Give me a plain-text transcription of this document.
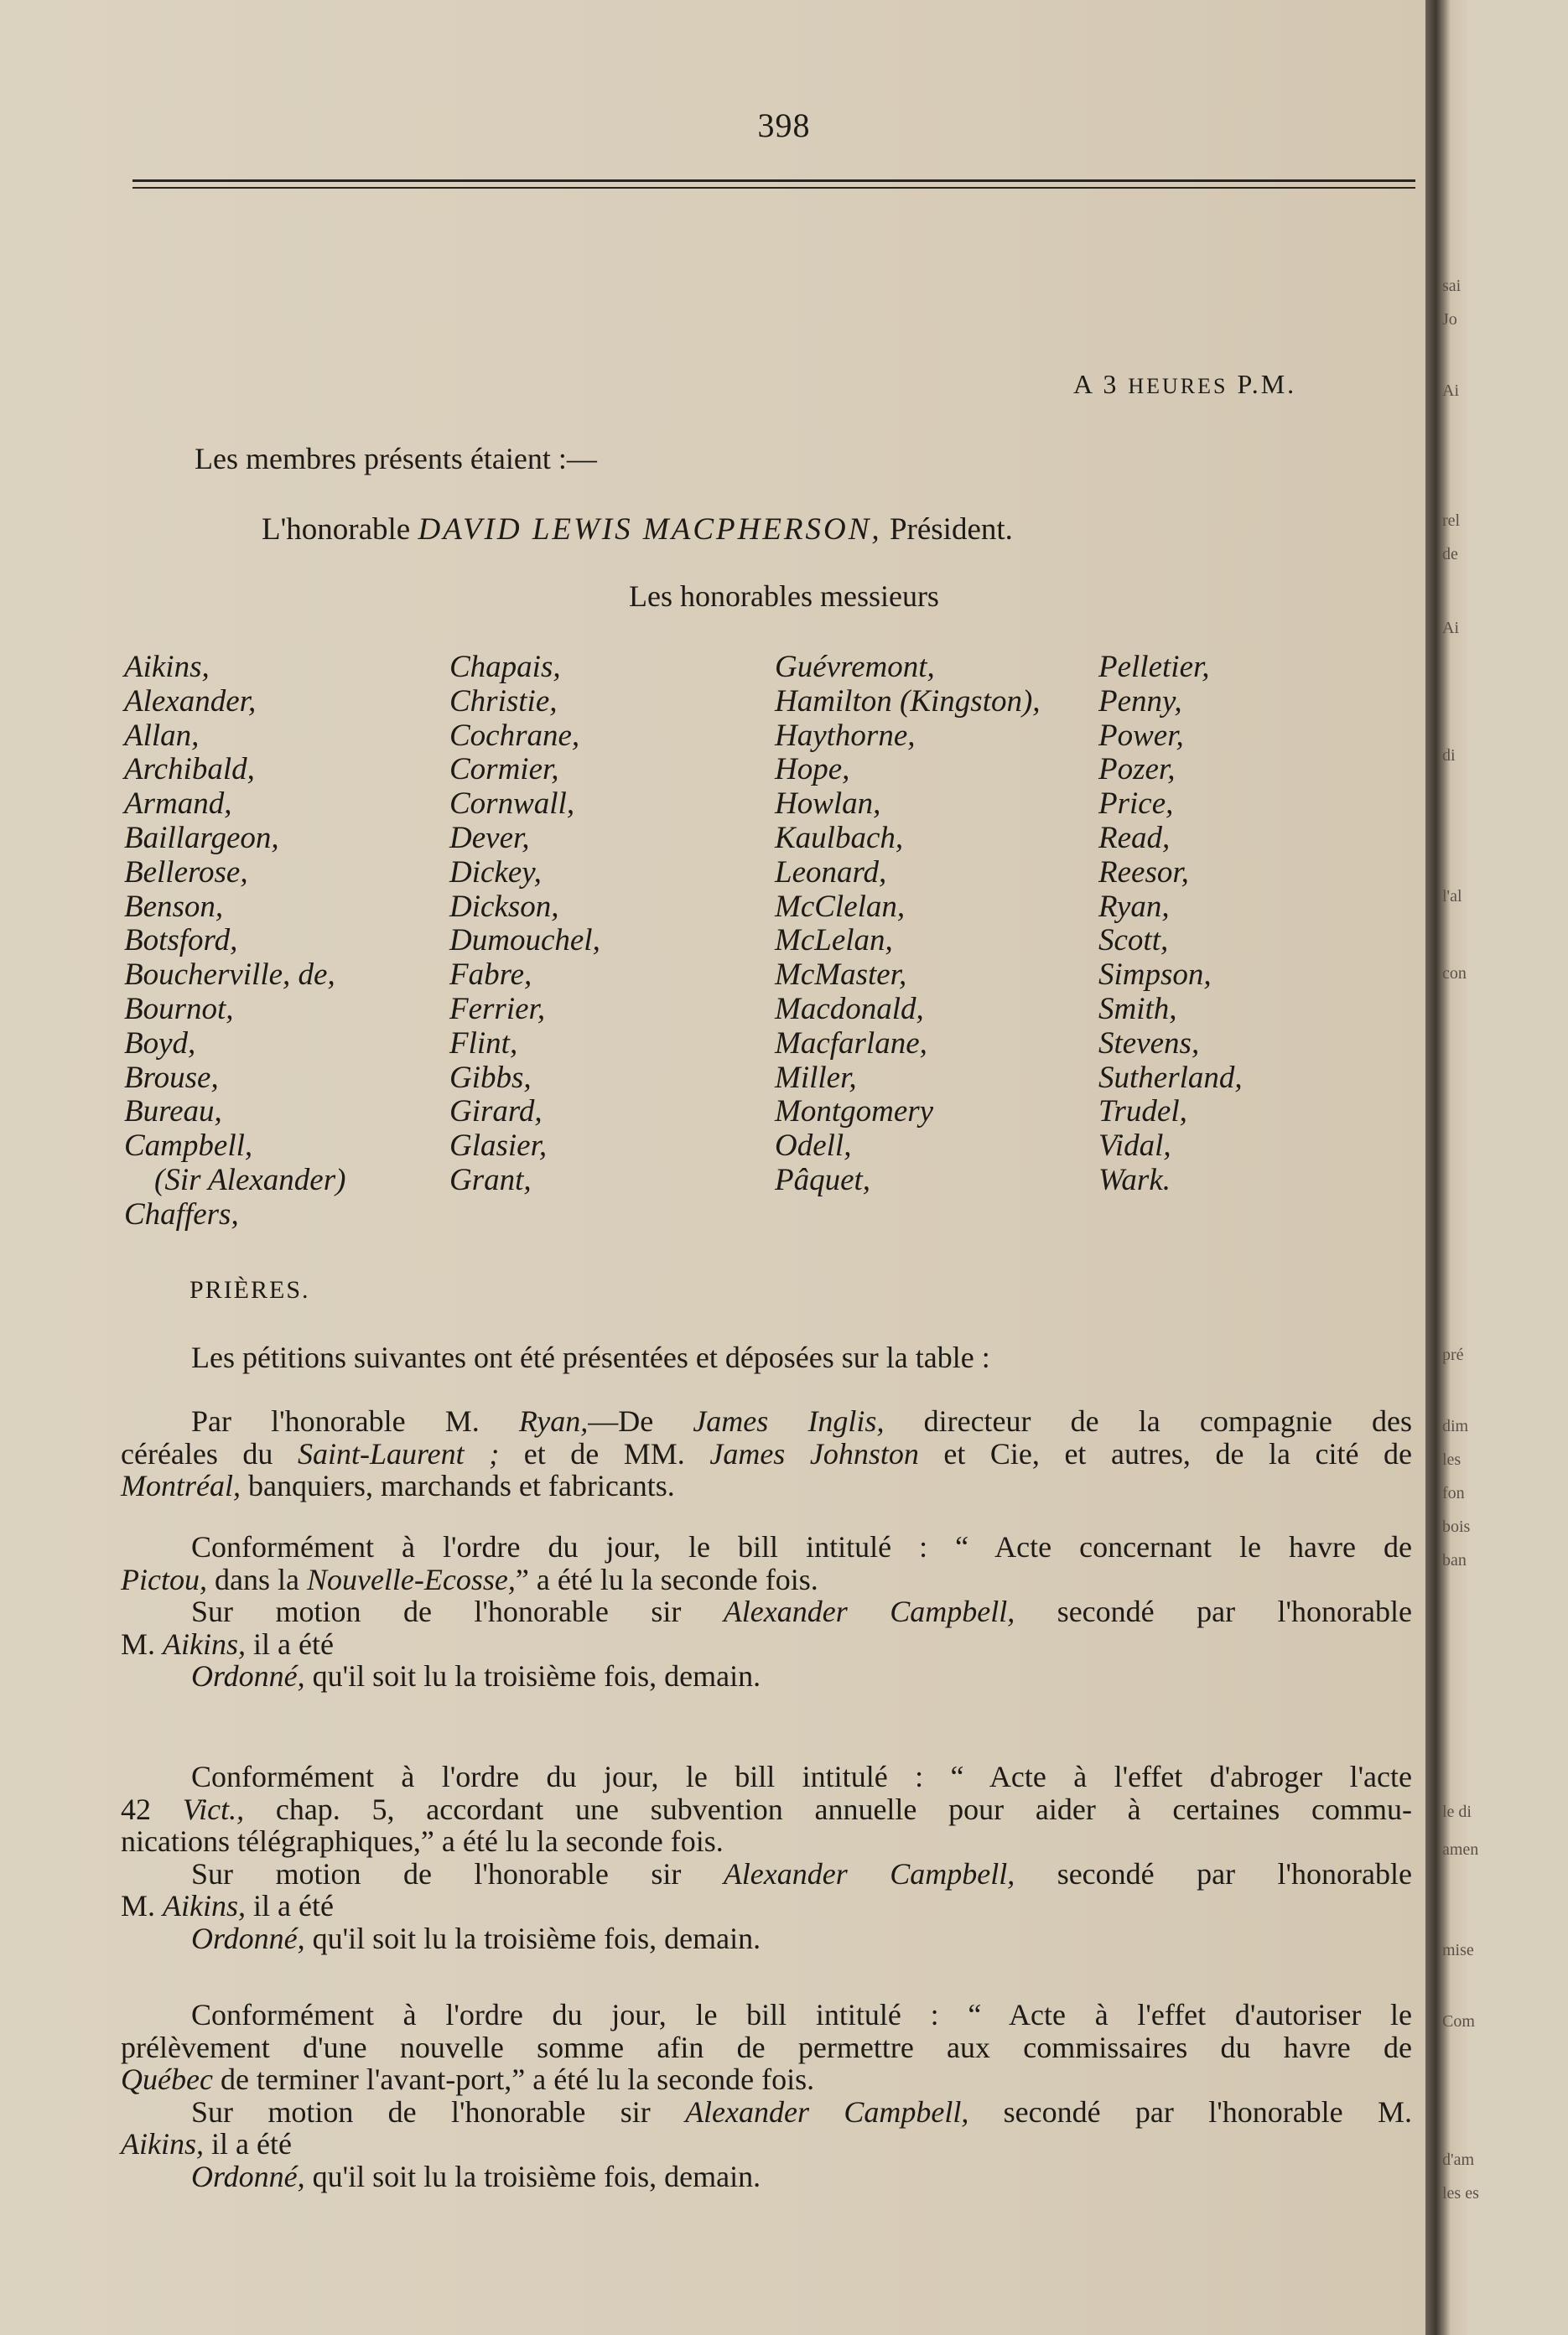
398
A 3 HEURES P.M.
Les membres présents étaient :—
L'honorable DAVID LEWIS MACPHERSON, Président.
Les honorables messieurs
Aikins,
Alexander,
Allan,
Archibald,
Armand,
Baillargeon,
Bellerose,
Benson,
Botsford,
Boucherville, de,
Bournot,
Boyd,
Brouse,
Bureau,
Campbell,
(Sir Alexander)
Chaffers,
Chapais,
Christie,
Cochrane,
Cormier,
Cornwall,
Dever,
Dickey,
Dickson,
Dumouchel,
Fabre,
Ferrier,
Flint,
Gibbs,
Girard,
Glasier,
Grant,
Guévremont,
Hamilton (Kingston),
Haythorne,
Hope,
Howlan,
Kaulbach,
Leonard,
McClelan,
McLelan,
McMaster,
Macdonald,
Macfarlane,
Miller,
Montgomery
Odell,
Pâquet,
Pelletier,
Penny,
Power,
Pozer,
Price,
Read,
Reesor,
Ryan,
Scott,
Simpson,
Smith,
Stevens,
Sutherland,
Trudel,
Vidal,
Wark.
PRIÈRES.
Les pétitions suivantes ont été présentées et déposées sur la table :
Par l'honorable M. Ryan,—De James Inglis, directeur de la compagnie des
céréales du Saint-Laurent ; et de MM. James Johnston et Cie, et autres, de la cité de
Montréal, banquiers, marchands et fabricants.
Conformément à l'ordre du jour, le bill intitulé : “ Acte concernant le havre de
Pictou, dans la Nouvelle-Ecosse,” a été lu la seconde fois.
Sur motion de l'honorable sir Alexander Campbell, secondé par l'honorable
M. Aikins, il a été
Ordonné, qu'il soit lu la troisième fois, demain.
Conformément à l'ordre du jour, le bill intitulé : “ Acte à l'effet d'abroger l'acte
42 Vict., chap. 5, accordant une subvention annuelle pour aider à certaines commu-
nications télégraphiques,” a été lu la seconde fois.
Sur motion de l'honorable sir Alexander Campbell, secondé par l'honorable
M. Aikins, il a été
Ordonné, qu'il soit lu la troisième fois, demain.
Conformément à l'ordre du jour, le bill intitulé : “ Acte à l'effet d'autoriser le
prélèvement d'une nouvelle somme afin de permettre aux commissaires du havre de
Québec de terminer l'avant-port,” a été lu la seconde fois.
Sur motion de l'honorable sir Alexander Campbell, secondé par l'honorable M.
Aikins, il a été
Ordonné, qu'il soit lu la troisième fois, demain.
sai
Jo
Ai
rel
de
Ai
di
l'al
con
pré
dim
les
fon
bois
ban
le di
amen
mise
Com
d'am
les es
